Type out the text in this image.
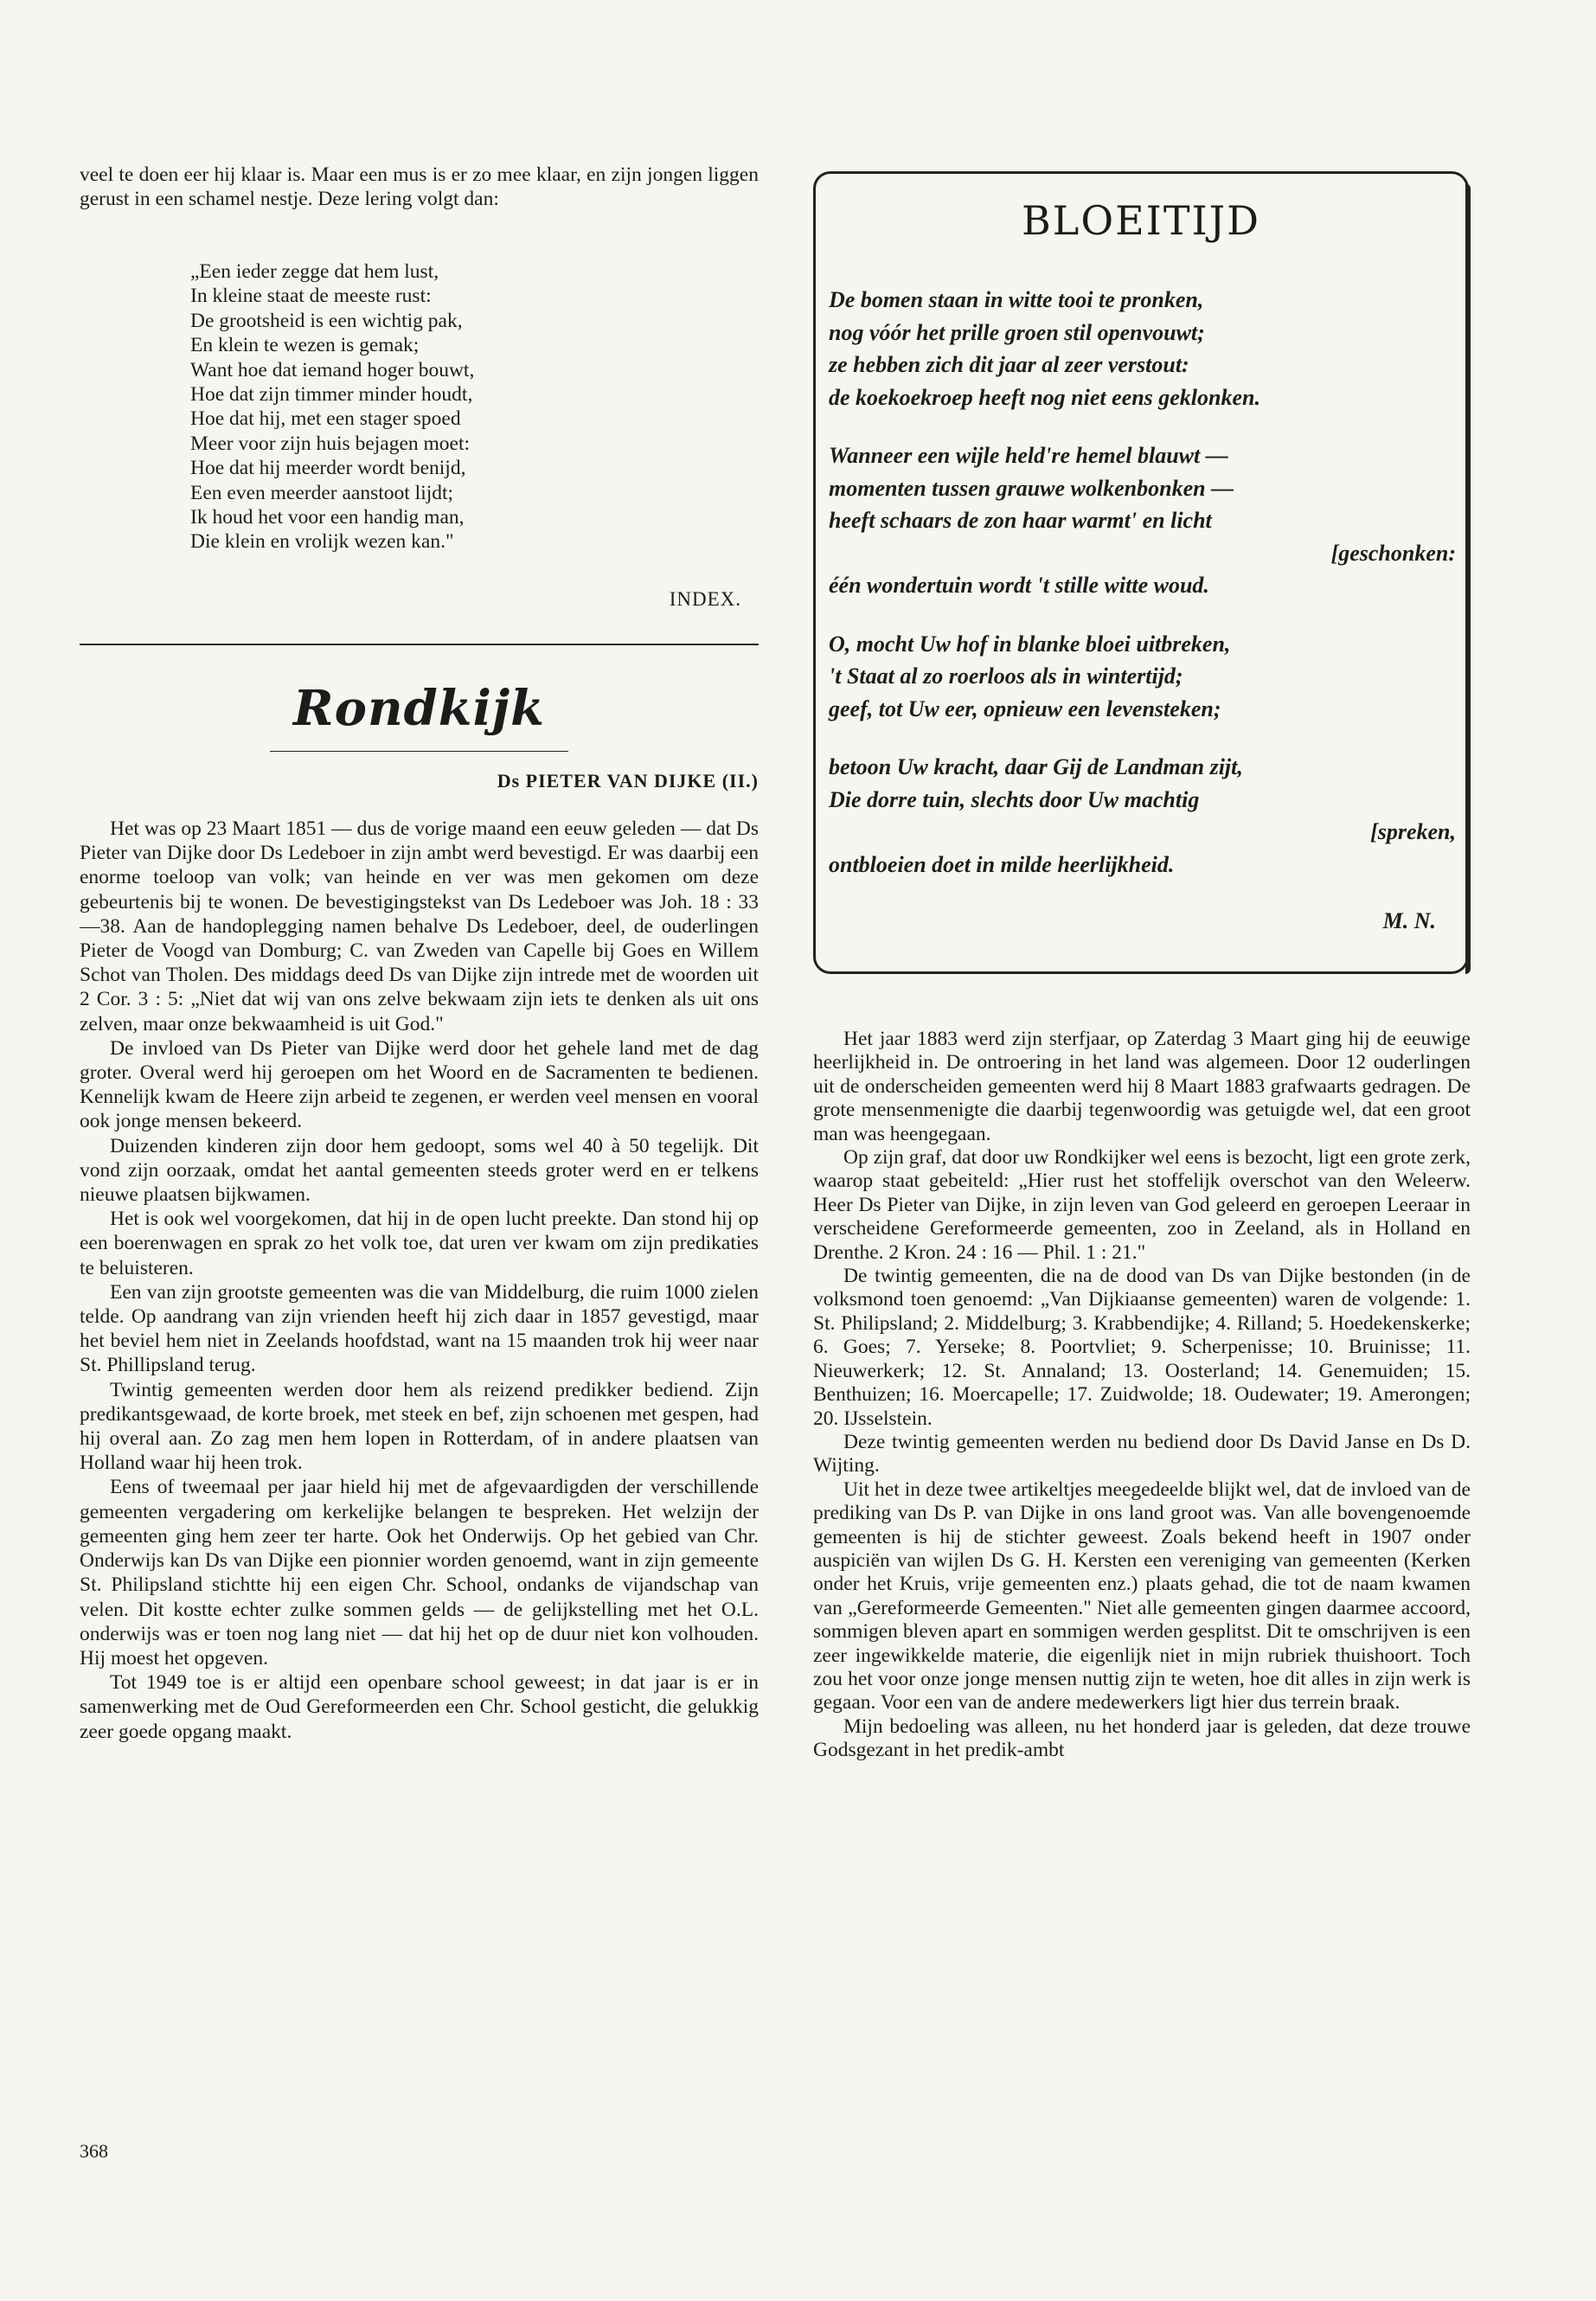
veel te doen eer hij klaar is. Maar een mus is er zo mee klaar, en zijn jongen liggen gerust in een schamel nestje. Deze lering volgt dan:

„Een ieder zegge dat hem lust,
In kleine staat de meeste rust:
De grootsheid is een wichtig pak,
En klein te wezen is gemak;
Want hoe dat iemand hoger bouwt,
Hoe dat zijn timmer minder houdt,
Hoe dat hij, met een stager spoed
Meer voor zijn huis bejagen moet:
Hoe dat hij meerder wordt benijd,
Een even meerder aanstoot lijdt;
Ik houd het voor een handig man,
Die klein en vrolijk wezen kan."
INDEX.
Rondkijk
Ds PIETER VAN DIJKE (II.)

Het was op 23 Maart 1851 — dus de vorige maand een eeuw geleden — dat Ds Pieter van Dijke door Ds Ledeboer in zijn ambt werd bevestigd. Er was daarbij een enorme toeloop van volk; van heinde en ver was men gekomen om deze gebeurtenis bij te wonen. De bevestigingstekst van Ds Ledeboer was Joh. 18 : 33—38. Aan de handoplegging namen behalve Ds Ledeboer, deel, de ouderlingen Pieter de Voogd van Domburg; C. van Zweden van Capelle bij Goes en Willem Schot van Tholen. Des middags deed Ds van Dijke zijn intrede met de woorden uit 2 Cor. 3 : 5: „Niet dat wij van ons zelve bekwaam zijn iets te denken als uit ons zelven, maar onze bekwaamheid is uit God."

De invloed van Ds Pieter van Dijke werd door het gehele land met de dag groter. Overal werd hij geroepen om het Woord en de Sacramenten te bedienen. Kennelijk kwam de Heere zijn arbeid te zegenen, er werden veel mensen en vooral ook jonge mensen bekeerd.

Duizenden kinderen zijn door hem gedoopt, soms wel 40 à 50 tegelijk. Dit vond zijn oorzaak, omdat het aantal gemeenten steeds groter werd en er telkens nieuwe plaatsen bijkwamen.

Het is ook wel voorgekomen, dat hij in de open lucht preekte. Dan stond hij op een boerenwagen en sprak zo het volk toe, dat uren ver kwam om zijn predikaties te beluisteren.

Een van zijn grootste gemeenten was die van Middelburg, die ruim 1000 zielen telde. Op aandrang van zijn vrienden heeft hij zich daar in 1857 gevestigd, maar het beviel hem niet in Zeelands hoofdstad, want na 15 maanden trok hij weer naar St. Phillipsland terug.

Twintig gemeenten werden door hem als reizend predikker bediend. Zijn predikantsgewaad, de korte broek, met steek en bef, zijn schoenen met gespen, had hij overal aan. Zo zag men hem lopen in Rotterdam, of in andere plaatsen van Holland waar hij heen trok.

Eens of tweemaal per jaar hield hij met de afgevaardigden der verschillende gemeenten vergadering om kerkelijke belangen te bespreken. Het welzijn der gemeenten ging hem zeer ter harte. Ook het Onderwijs. Op het gebied van Chr. Onderwijs kan Ds van Dijke een pionnier worden genoemd, want in zijn gemeente St. Philipsland stichtte hij een eigen Chr. School, ondanks de vijandschap van velen. Dit kostte echter zulke sommen gelds — de gelijkstelling met het O.L. onderwijs was er toen nog lang niet — dat hij het op de duur niet kon volhouden. Hij moest het opgeven.

Tot 1949 toe is er altijd een openbare school geweest; in dat jaar is er in samenwerking met de Oud Gereformeerden een Chr. School gesticht, die gelukkig zeer goede opgang maakt.

368
BLOEITIJD
De bomen staan in witte tooi te pronken,
nog vóór het prille groen stil openvouwt;
ze hebben zich dit jaar al zeer verstout:
de koekoekroep heeft nog niet eens geklonken.
Wanneer een wijle held're hemel blauwt —
momenten tussen grauwe wolkenbonken —
heeft schaars de zon haar warmt' en licht
[geschonken:
één wondertuin wordt 't stille witte woud.
O, mocht Uw hof in blanke bloei uitbreken,
't Staat al zo roerloos als in wintertijd;
geef, tot Uw eer, opnieuw een levensteken;
betoon Uw kracht, daar Gij de Landman zijt,
Die dorre tuin, slechts door Uw machtig
[spreken,
ontbloeien doet in milde heerlijkheid.
M. N.

Het jaar 1883 werd zijn sterfjaar, op Zaterdag 3 Maart ging hij de eeuwige heerlijkheid in. De ontroering in het land was algemeen. Door 12 ouderlingen uit de onderscheiden gemeenten werd hij 8 Maart 1883 grafwaarts gedragen. De grote mensenmenigte die daarbij tegenwoordig was getuigde wel, dat een groot man was heengegaan.

Op zijn graf, dat door uw Rondkijker wel eens is bezocht, ligt een grote zerk, waarop staat gebeiteld: „Hier rust het stoffelijk overschot van den Weleerw. Heer Ds Pieter van Dijke, in zijn leven van God geleerd en geroepen Leeraar in verscheidene Gereformeerde gemeenten, zoo in Zeeland, als in Holland en Drenthe. 2 Kron. 24 : 16 — Phil. 1 : 21."

De twintig gemeenten, die na de dood van Ds van Dijke bestonden (in de volksmond toen genoemd: „Van Dijkiaanse gemeenten) waren de volgende: 1. St. Philipsland; 2. Middelburg; 3. Krabbendijke; 4. Rilland; 5. Hoedekenskerke; 6. Goes; 7. Yerseke; 8. Poortvliet; 9. Scherpenisse; 10. Bruinisse; 11. Nieuwerkerk; 12. St. Annaland; 13. Oosterland; 14. Genemuiden; 15. Benthuizen; 16. Moercapelle; 17. Zuidwolde; 18. Oudewater; 19. Amerongen; 20. IJsselstein.

Deze twintig gemeenten werden nu bediend door Ds David Janse en Ds D. Wijting.

Uit het in deze twee artikeltjes meegedeelde blijkt wel, dat de invloed van de prediking van Ds P. van Dijke in ons land groot was. Van alle bovengenoemde gemeenten is hij de stichter geweest. Zoals bekend heeft in 1907 onder auspiciën van wijlen Ds G. H. Kersten een vereniging van gemeenten (Kerken onder het Kruis, vrije gemeenten enz.) plaats gehad, die tot de naam kwamen van „Gereformeerde Gemeenten." Niet alle gemeenten gingen daarmee accoord, sommigen bleven apart en sommigen werden gesplitst. Dit te omschrijven is een zeer ingewikkelde materie, die eigenlijk niet in mijn rubriek thuishoort. Toch zou het voor onze jonge mensen nuttig zijn te weten, hoe dit alles in zijn werk is gegaan. Voor een van de andere medewerkers ligt hier dus terrein braak.

Mijn bedoeling was alleen, nu het honderd jaar is geleden, dat deze trouwe Godsgezant in het predik-ambt
